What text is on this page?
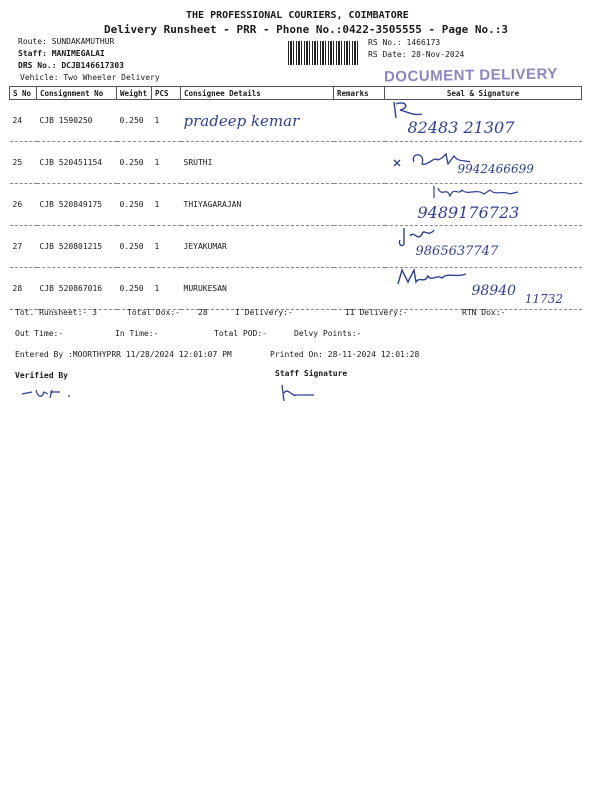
THE PROFESSIONAL COURIERS, COIMBATORE
Delivery Runsheet - PRR - Phone No.:0422-3505555 - Page No.:3
Route: SUNDAKAMUTHUR
Staff: MANIMEGALAI
DRS No.: DCJB146617303
Vehicle: Two Wheeler Delivery
RS No.: 1466173
RS Date: 28-Nov-2024
DOCUMENT DELIVERY
S No	Consignment No	Weight	PCS	Consignee Details	Remarks	Seal & Signature
24	CJB 1590250	0.250	1	pradeep kemar		82483 21307
25	CJB 520451154	0.250	1	SRUTHI		9942466699
26	CJB 520849175	0.250	1	THIYAGARAJAN		9489176723
27	CJB 520801215	0.250	1	JEYAKUMAR		9865637747
28	CJB 520867016	0.250	1	MURUKESAN		98940 11732
Tot. Runsheet:- 3	Total Dox:- 28	I Delivery:-	II Delivery:-	RTN Dox:-
Out Time:-	In Time:-	Total POD:-	Delvy Points:-
Entered By :MOORTHYPRR 11/28/2024 12:01:07 PM	Printed On: 28-11-2024 12:01:28
Verified By	Staff Signature
